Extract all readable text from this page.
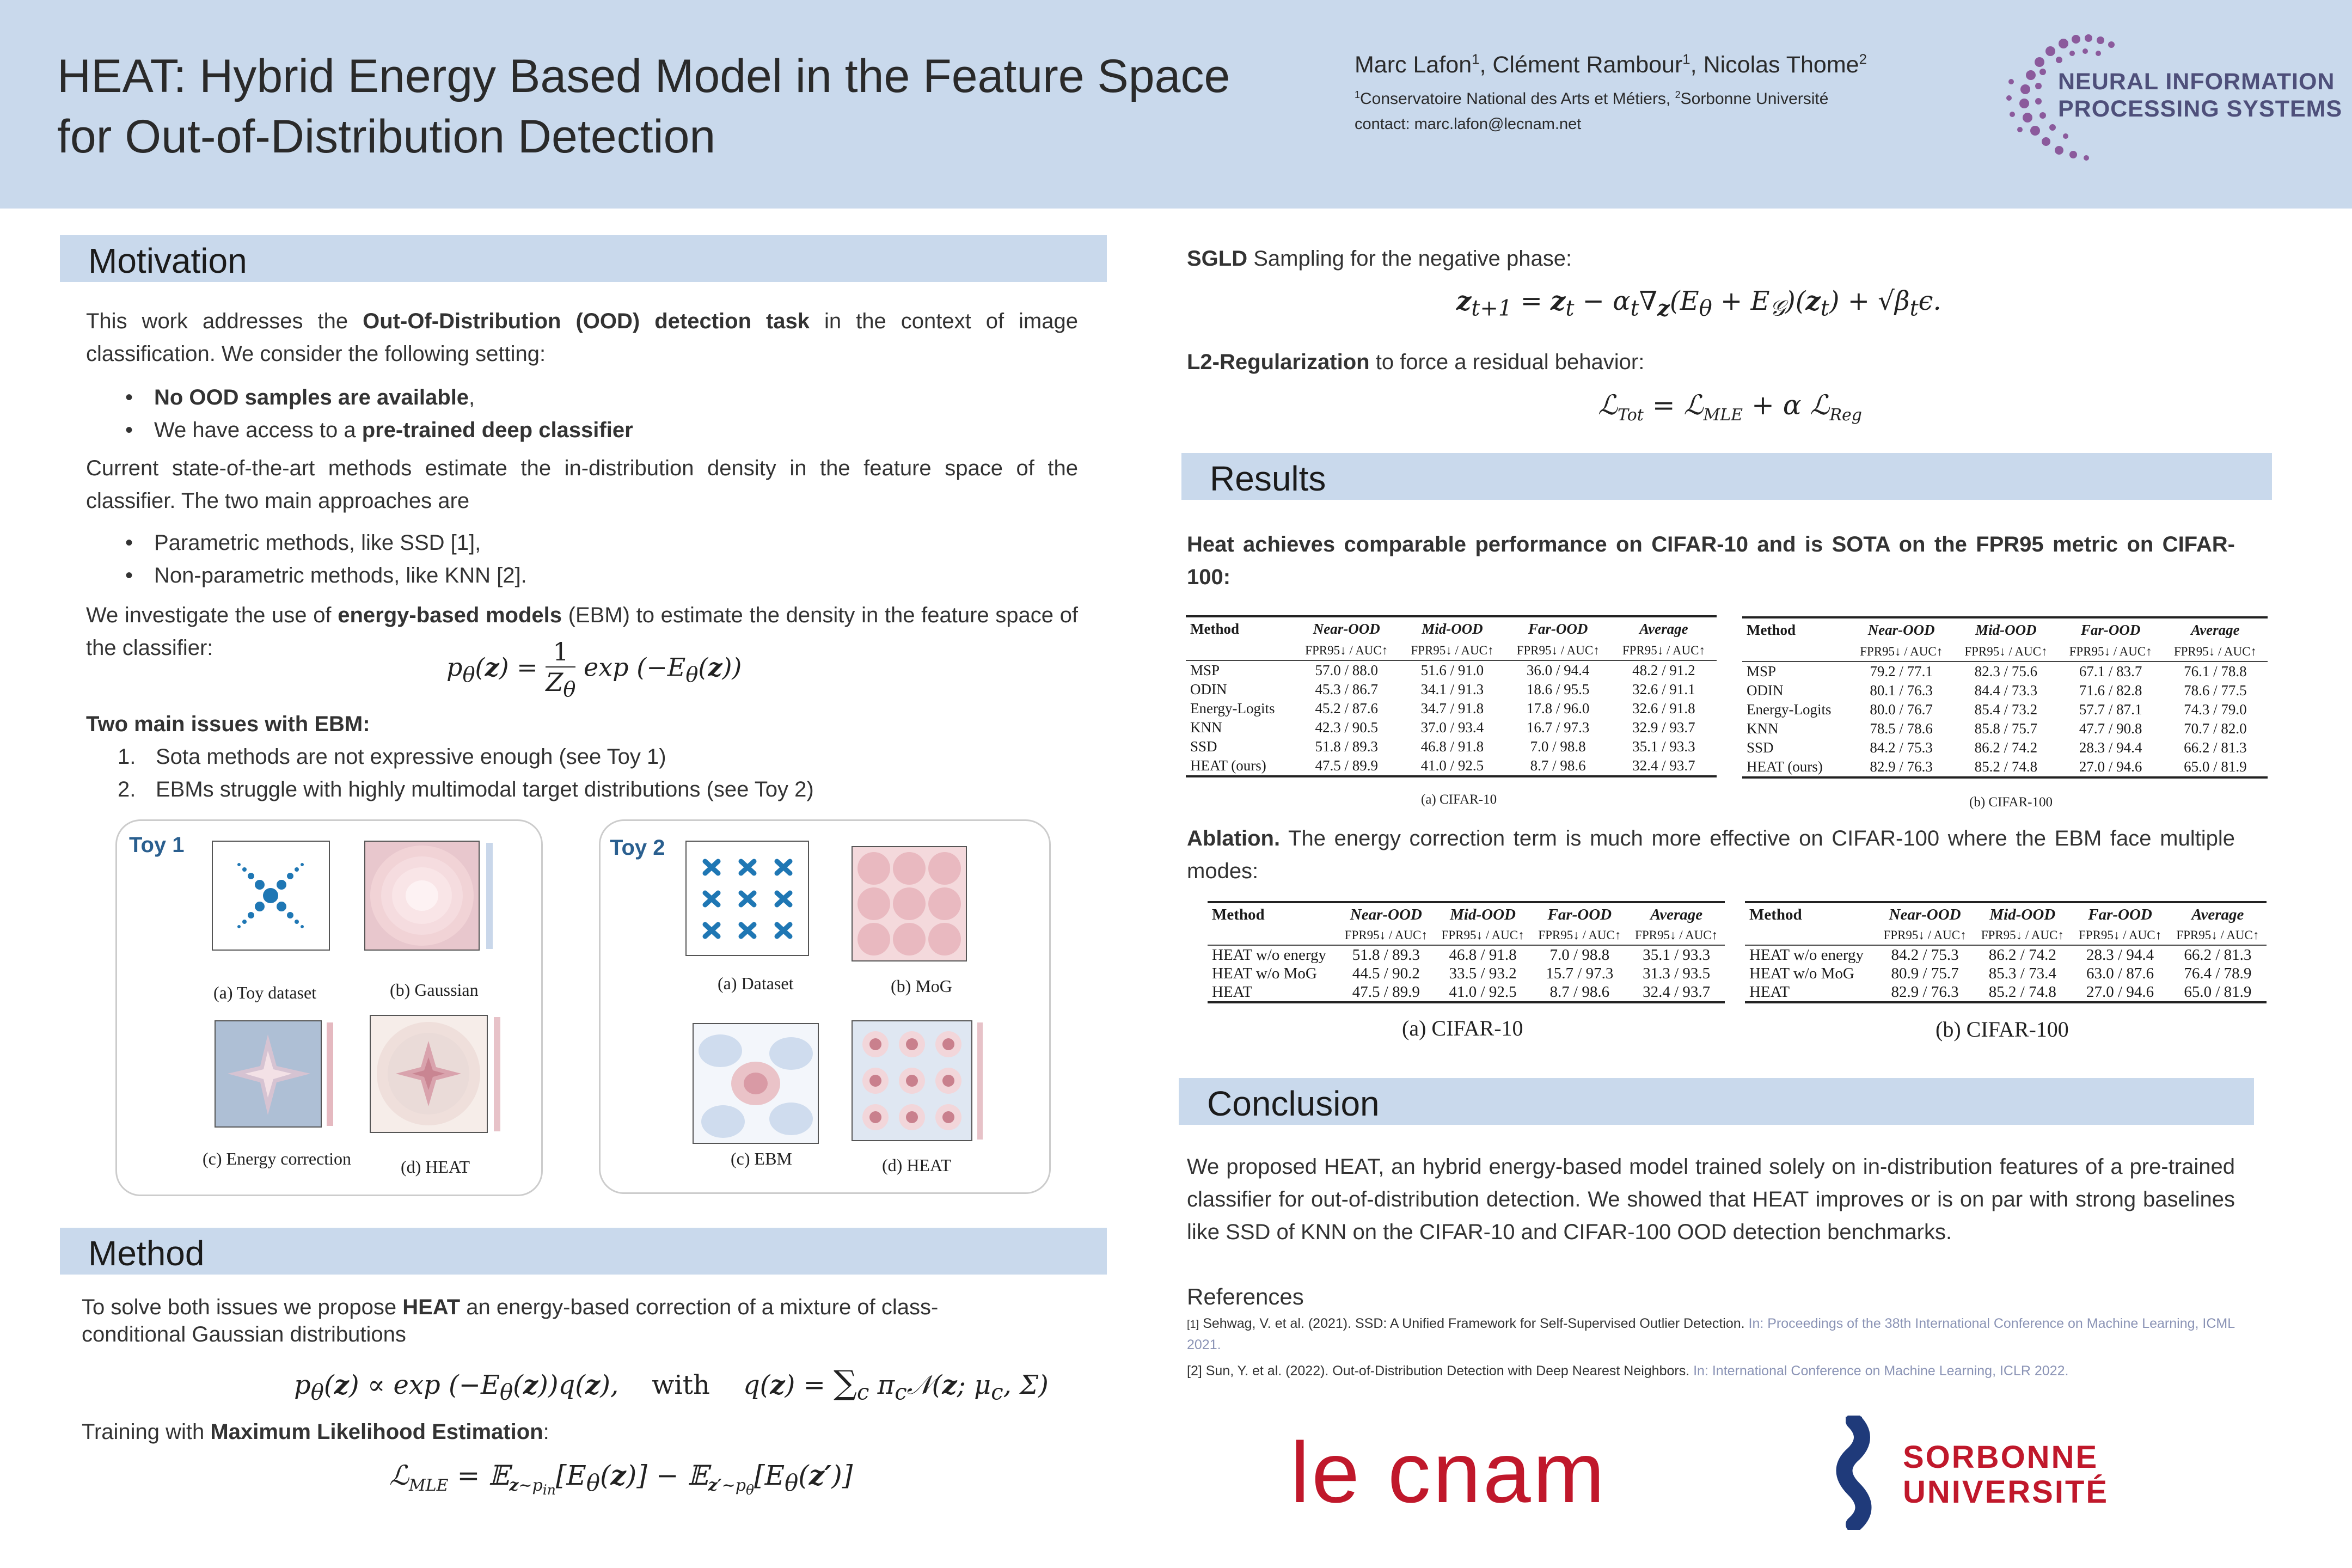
HEAT: Hybrid Energy Based Model in the Feature Space
for Out-of-Distribution Detection
Marc Lafon$^1$, Clément Rambour$^1$, Nicolas Thome$^2$
$^1$Conservatoire National des Arts et Métiers, $^2$Sorbonne Université
contact: marc.lafon@lecnam.net
NEURAL INFORMATION
PROCESSING SYSTEMS
Motivation
This work addresses the Out-Of-Distribution (OOD) detection task in the context of image classification. We consider the following setting:
• No OOD samples are available,
• We have access to a pre-trained deep classifier
Current state-of-the-art methods estimate the in-distribution density in the feature space of the classifier. The two main approaches are
• Parametric methods, like SSD [1],
• Non-parametric methods, like KNN [2].
We investigate the use of energy-based models (EBM) to estimate the density in the feature space of the classifier:
$p_\theta(z) = \frac{1}{Z_\theta}$ $\exp (-E_\theta(z))$
Two main issues with EBM:
1. Sota methods are not expressive enough (see Toy 1)
2. EBMs struggle with highly multimodal target distributions (see Toy 2)
Toy 1
(a) Toy dataset	(b) Gaussian
(c) Energy correction	(d) HEAT
Toy 2
(a) Dataset	(b) MoG
(c) EBM	(d) HEAT
Method
To solve both issues we propose HEAT an energy-based correction of a mixture of class-conditional Gaussian distributions
$p_\theta(z) \propto \exp (-E_\theta(z))q(z)$,    with    $q(z) = \sum_c$ $\pi_c𝒩(z$; $\mu_c$, Σ)
Training with Maximum Likelihood Estimation:
ℒ$_{MLE}$ = $𝔼_{z\sim p_{in}}[E_\theta(z)]$ − $𝔼_{z'\sim p_\theta}[E_\theta(z')]$
SGLD Sampling for the negative phase:
$z_{t+1} = z_t - \alpha_t\nabla_z(E_\theta + E_𝒢)(z_t) + √\beta_t\epsilon$.
L2-Regularization to force a residual behavior:
ℒ$_{Tot}$ = ℒ$_{MLE}$ + α ℒ$_{Reg}$
Results
Heat achieves comparable performance on CIFAR-10 and is SOTA on the FPR95 metric on CIFAR-100:
Method	Near-OOD	Mid-OOD	Far-OOD	Average
	FPR95↓ / AUC↑	FPR95↓ / AUC↑	FPR95↓ / AUC↑	FPR95↓ / AUC↑
MSP	57.0 / 88.0	51.6 / 91.0	36.0 / 94.4	48.2 / 91.2
ODIN	45.3 / 86.7	34.1 / 91.3	18.6 / 95.5	32.6 / 91.1
Energy-Logits	45.2 / 87.6	34.7 / 91.8	17.8 / 96.0	32.6 / 91.8
KNN	42.3 / 90.5	37.0 / 93.4	16.7 / 97.3	32.9 / 93.7
SSD	51.8 / 89.3	46.8 / 91.8	7.0 / 98.8	35.1 / 93.3
HEAT (ours)	47.5 / 89.9	41.0 / 92.5	8.7 / 98.6	32.4 / 93.7
(a) CIFAR-10
Method	Near-OOD	Mid-OOD	Far-OOD	Average
	FPR95↓ / AUC↑	FPR95↓ / AUC↑	FPR95↓ / AUC↑	FPR95↓ / AUC↑
MSP	79.2 / 77.1	82.3 / 75.6	67.1 / 83.7	76.1 / 78.8
ODIN	80.1 / 76.3	84.4 / 73.3	71.6 / 82.8	78.6 / 77.5
Energy-Logits	80.0 / 76.7	85.4 / 73.2	57.7 / 87.1	74.3 / 79.0
KNN	78.5 / 78.6	85.8 / 75.7	47.7 / 90.8	70.7 / 82.0
SSD	84.2 / 75.3	86.2 / 74.2	28.3 / 94.4	66.2 / 81.3
HEAT (ours)	82.9 / 76.3	85.2 / 74.8	27.0 / 94.6	65.0 / 81.9
(b) CIFAR-100
Ablation. The energy correction term is much more effective on CIFAR-100 where the EBM face multiple modes:
Method	Near-OOD	Mid-OOD	Far-OOD	Average
	FPR95↓ / AUC↑	FPR95↓ / AUC↑	FPR95↓ / AUC↑	FPR95↓ / AUC↑
HEAT w/o energy	51.8 / 89.3	46.8 / 91.8	7.0 / 98.8	35.1 / 93.3
HEAT w/o MoG	44.5 / 90.2	33.5 / 93.2	15.7 / 97.3	31.3 / 93.5
HEAT	47.5 / 89.9	41.0 / 92.5	8.7 / 98.6	32.4 / 93.7
(a) CIFAR-10
Method	Near-OOD	Mid-OOD	Far-OOD	Average
	FPR95↓ / AUC↑	FPR95↓ / AUC↑	FPR95↓ / AUC↑	FPR95↓ / AUC↑
HEAT w/o energy	84.2 / 75.3	86.2 / 74.2	28.3 / 94.4	66.2 / 81.3
HEAT w/o MoG	80.9 / 75.7	85.3 / 73.4	63.0 / 87.6	76.4 / 78.9
HEAT	82.9 / 76.3	85.2 / 74.8	27.0 / 94.6	65.0 / 81.9
(b) CIFAR-100
Conclusion
We proposed HEAT, an hybrid energy-based model trained solely on in-distribution features of a pre-trained classifier for out-of-distribution detection. We showed that HEAT improves or is on par with strong baselines like SSD of KNN on the CIFAR-10 and CIFAR-100 OOD detection benchmarks.
References
[1] Sehwag, V. et al. (2021). SSD: A Unified Framework for Self-Supervised Outlier Detection. In: Proceedings of the 38th International Conference on Machine Learning, ICML 2021.
[2] Sun, Y. et al. (2022). Out-of-Distribution Detection with Deep Nearest Neighbors. In: International Conference on Machine Learning, ICLR 2022.
le cnam	SORBONNE
UNIVERSITÉ
